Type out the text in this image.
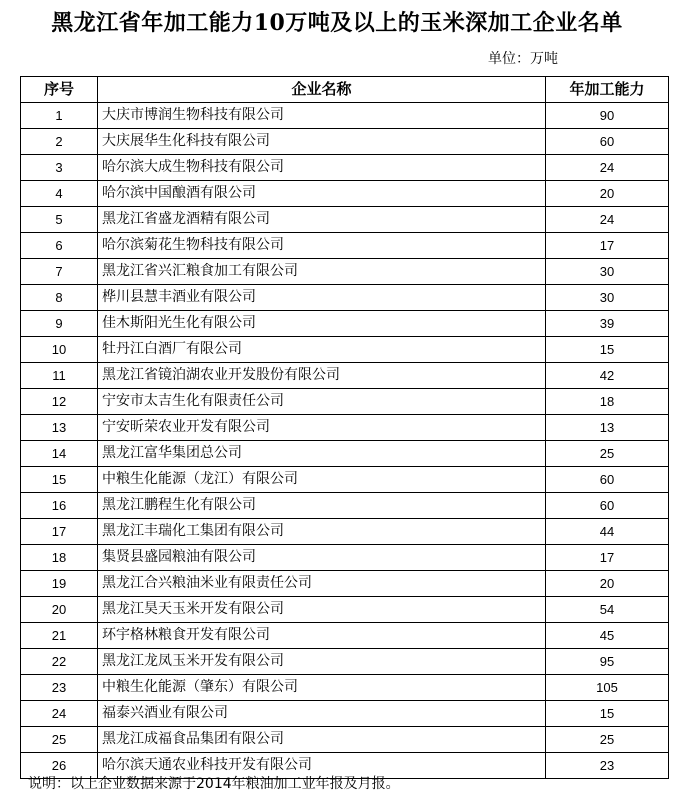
黑龙江省年加工能力10万吨及以上的玉米深加工企业名单
单位：万吨
序号	企业名称	年加工能力
1	大庆市博润生物科技有限公司	90
2	大庆展华生化科技有限公司	60
3	哈尔滨大成生物科技有限公司	24
4	哈尔滨中国酿酒有限公司	20
5	黑龙江省盛龙酒精有限公司	24
6	哈尔滨菊花生物科技有限公司	17
7	黑龙江省兴汇粮食加工有限公司	30
8	桦川县慧丰酒业有限公司	30
9	佳木斯阳光生化有限公司	39
10	牡丹江白酒厂有限公司	15
11	黑龙江省镜泊湖农业开发股份有限公司	42
12	宁安市太吉生化有限责任公司	18
13	宁安昕荣农业开发有限公司	13
14	黑龙江富华集团总公司	25
15	中粮生化能源（龙江）有限公司	60
16	黑龙江鹏程生化有限公司	60
17	黑龙江丰瑞化工集团有限公司	44
18	集贤县盛园粮油有限公司	17
19	黑龙江合兴粮油米业有限责任公司	20
20	黑龙江昊天玉米开发有限公司	54
21	环宇格林粮食开发有限公司	45
22	黑龙江龙凤玉米开发有限公司	95
23	中粮生化能源（肇东）有限公司	105
24	福泰兴酒业有限公司	15
25	黑龙江成福食品集团有限公司	25
26	哈尔滨天通农业科技开发有限公司	23
说明：以上企业数据来源于2014年粮油加工业年报及月报。
